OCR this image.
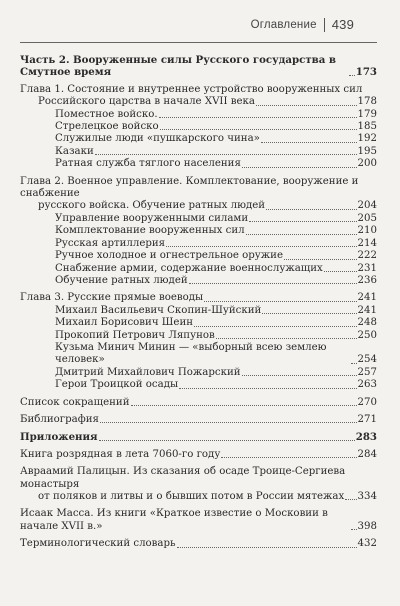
Оглавление 439
Часть 2. Вооруженные силы Русского государства в Смутное время	173
Глава 1. Состояние и внутреннее устройство вооруженных сил
Российского царства в начале XVII века	178
Поместное войско.	179
Стрелецкое войско	185
Служилые люди «пушкарского чина»	192
Казаки	195
Ратная служба тяглого населения	200
Глава 2. Военное управление. Комплектование, вооружение и снабжение
русского войска. Обучение ратных людей	204
Управление вооруженными силами	205
Комплектование вооруженных сил	210
Русская артиллерия	214
Ручное холодное и огнестрельное оружие	222
Снабжение армии, содержание военнослужащих	231
Обучение ратных людей	236
Глава 3. Русские прямые воеводы	241
Михаил Васильевич Скопин-Шуйский	241
Михаил Борисович Шеин	248
Прокопий Петрович Ляпунов	250
Кузьма Минич Минин — «выборный всею землею человек»	254
Дмитрий Михайлович Пожарский	257
Герои Троицкой осады	263
Список сокращений	270
Библиография	271
Приложения	283
Книга розрядная в лета 7060-го году	284
Авраамий Палицын. Из сказания об осаде Троице-Сергиева монастыря
от поляков и литвы и о бывших потом в России мятежах 334
Исаак Масса. Из книги «Краткое известие о Московии в начале XVII в.»	398
Терминологический словарь	432
